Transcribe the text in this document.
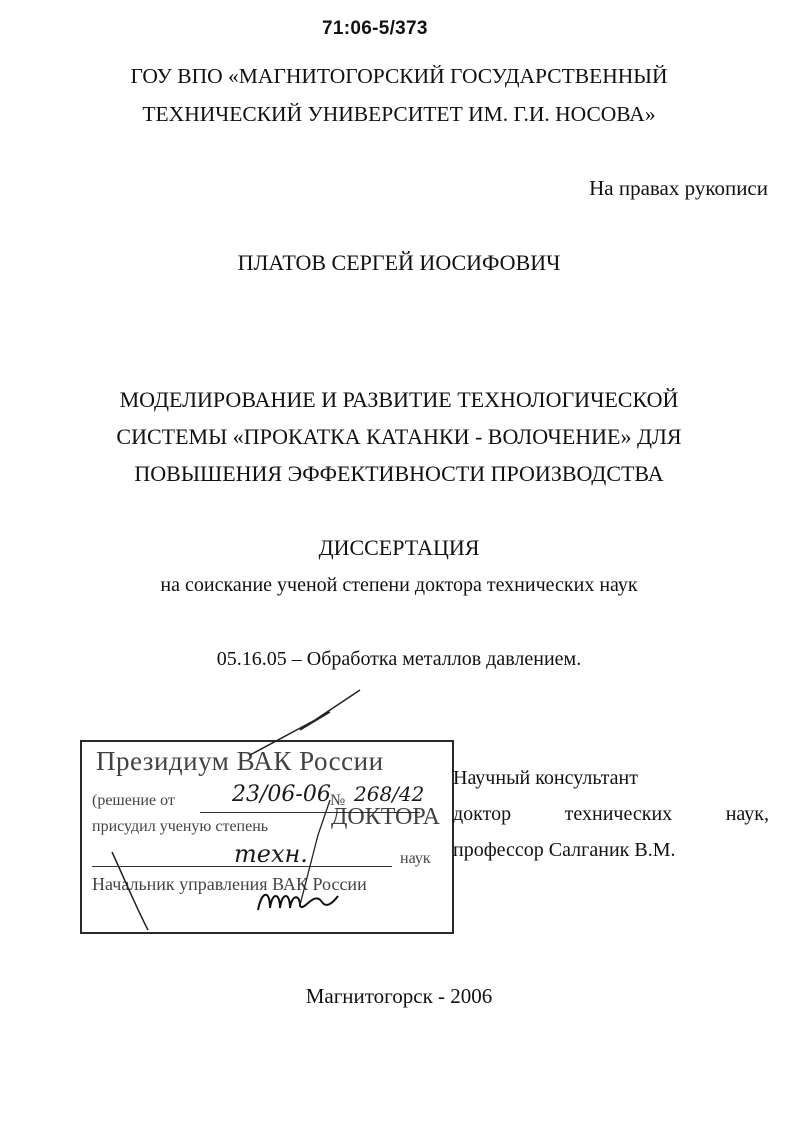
71:06-5/373
ГОУ ВПО «МАГНИТОГОРСКИЙ ГОСУДАРСТВЕННЫЙ
ТЕХНИЧЕСКИЙ УНИВЕРСИТЕТ ИМ. Г.И. НОСОВА»
На правах рукописи
ПЛАТОВ СЕРГЕЙ ИОСИФОВИЧ
МОДЕЛИРОВАНИЕ И РАЗВИТИЕ ТЕХНОЛОГИЧЕСКОЙ
СИСТЕМЫ «ПРОКАТКА КАТАНКИ - ВОЛОЧЕНИЕ» ДЛЯ
ПОВЫШЕНИЯ ЭФФЕКТИВНОСТИ ПРОИЗВОДСТВА
ДИССЕРТАЦИЯ
на соискание ученой степени доктора технических наук
05.16.05 – Обработка металлов давлением.
Президиум ВАК России
(решение от	23/06-06 № 268/42
присудил ученую степень	ДОКТОРА
техн.	наук
Начальник управления ВАК России
Научный консультант
доктор	технических	наук,
профессор Салганик В.М.
Магнитогорск - 2006
